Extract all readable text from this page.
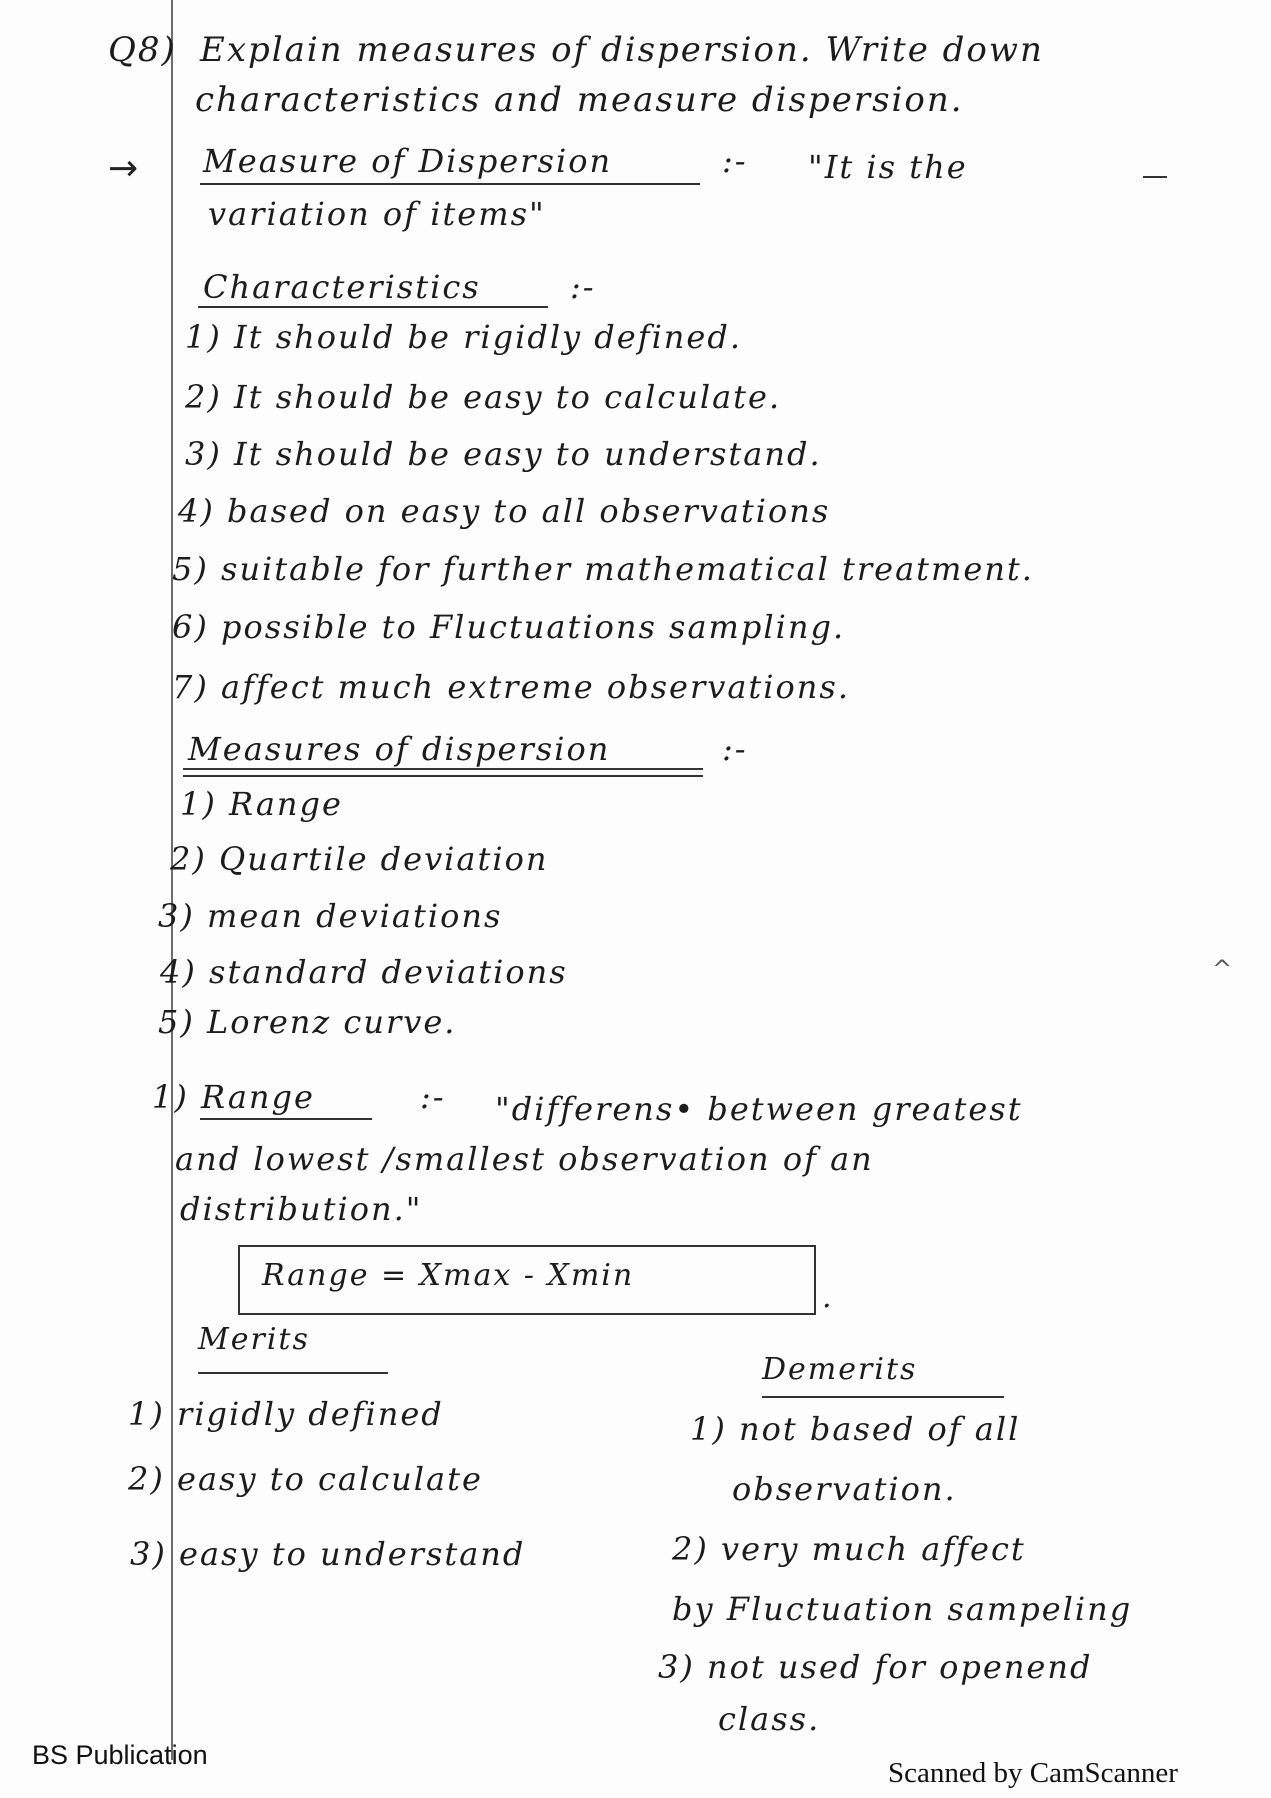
Q8) Explain measures of dispersion. Write down
characteristics and measure dispersion.
→ Measure of Dispersion	:- "It is the
variation of items"
Characteristics	:-
1) It should be rigidly defined.
2) It should be easy to calculate.
3) It should be easy to understand.
4) based on easy to all observations
5) suitable for further mathematical treatment.
6) possible to Fluctuations sampling.
7) affect much extreme observations.
Measures of dispersion	:-
1) Range
2) Quartile deviation
3) mean deviations
4) standard deviations
5) Lorenz curve.
^
1) Range	:- "differens• between greatest
and lowest /smallest observation of an
distribution."
Range = Xmax - Xmin
.
Merits
1) rigidly defined
2) easy to calculate
3) easy to understand
Demerits
1) not based of all
observation.
2) very much affect
by Fluctuation sampeling
3) not used for openend
class.
BS Publication
Scanned by CamScanner
